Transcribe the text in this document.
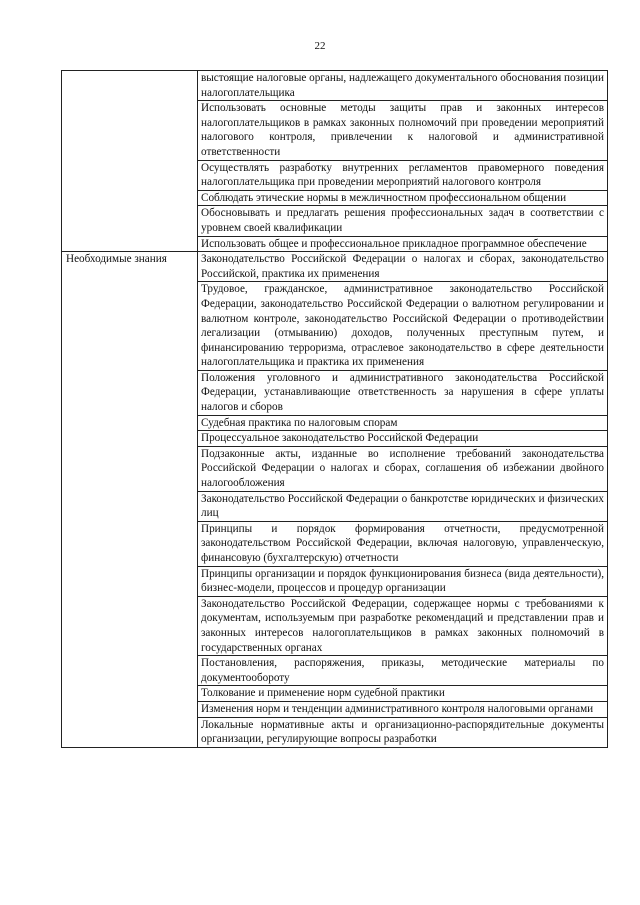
22

	выстоящие налоговые органы, надлежащего документального обоснования позиции налогоплательщика

	Использовать основные методы защиты прав и законных интересов налогоплательщиков в рамках законных полномочий при проведении мероприятий налогового контроля, привлечении к налоговой и административной ответственности

	Осуществлять разработку внутренних регламентов правомерного поведения налогоплательщика при проведении мероприятий налогового контроля

	Соблюдать этические нормы в межличностном профессиональном общении

	Обосновывать и предлагать решения профессиональных задач в соответствии с уровнем своей квалификации

	Использовать общее и профессиональное прикладное программное обеспечение

Необходимые знания	Законодательство Российской Федерации о налогах и сборах, законодательство Российской, практика их применения

	Трудовое, гражданское, административное законодательство Российской Федерации, законодательство Российской Федерации о валютном регулировании и валютном контроле, законодательство Российской Федерации о противодействии легализации (отмыванию) доходов, полученных преступным путем, и финансированию терроризма, отраслевое законодательство в сфере деятельности налогоплательщика и практика их применения

	Положения уголовного и административного законодательства Российской Федерации, устанавливающие ответственность за нарушения в сфере уплаты налогов и сборов

	Судебная практика по налоговым спорам

	Процессуальное законодательство Российской Федерации

	Подзаконные акты, изданные во исполнение требований законодательства Российской Федерации о налогах и сборах, соглашения об избежании двойного налогообложения

	Законодательство Российской Федерации о банкротстве юридических и физических лиц

	Принципы и порядок формирования отчетности, предусмотренной законодательством Российской Федерации, включая налоговую, управленческую, финансовую (бухгалтерскую) отчетности

	Принципы организации и порядок функционирования бизнеса (вида деятельности), бизнес-модели, процессов и процедур организации

	Законодательство Российской Федерации, содержащее нормы с требованиями к документам, используемым при разработке рекомендаций и представлении прав и законных интересов налогоплательщиков в рамках законных полномочий в государственных органах

	Постановления, распоряжения, приказы, методические материалы по документообороту

	Толкование и применение норм судебной практики

	Изменения норм и тенденции административного контроля налоговыми органами

	Локальные нормативные акты и организационно-распорядительные документы организации, регулирующие вопросы разработки
